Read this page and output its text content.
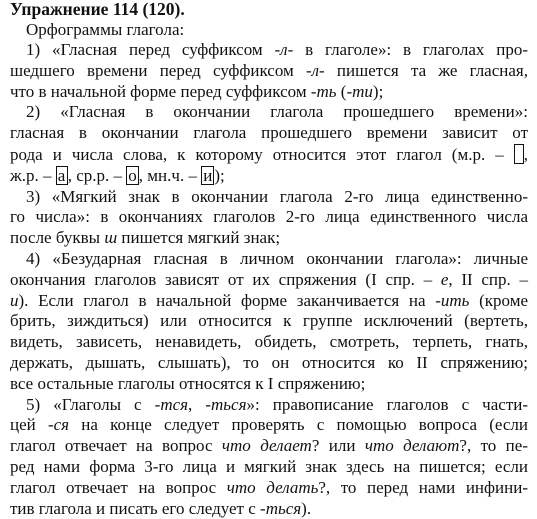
Упражнение 114 (120).
Орфограммы глагола:
1) «Гласная перед суффиксом -л- в глаголе»: в глаголах про-
шедшего времени перед суффиксом -л- пишется та же гласная,
что в начальной форме перед суффиксом -ть (-ти);
2) «Гласная в окончании глагола прошедшего времени»:
гласная в окончании глагола прошедшего времени зависит от
рода и числа слова, к которому относится этот глагол (м.р. – ,
ж.р. – а , ср.р. – о , мн.ч. – и );
3) «Мягкий знак в окончании глагола 2-го лица единственно-
го числа»: в окончаниях глаголов 2-го лица единственного числа
после буквы ш пишется мягкий знак;
4) «Безударная гласная в личном окончании глагола»: личные
окончания глаголов зависят от их спряжения (I спр. – е, II спр. –
и). Если глагол в начальной форме заканчивается на -ить (кроме
брить, зиждиться) или относится к группе исключений (вертеть,
видеть, зависеть, ненавидеть, обидеть, смотреть, терпеть, гнать,
держать, дышать, слышать), то он относится ко II спряжению;
все остальные глаголы относятся к I спряжению;
5) «Глаголы с -тся, -ться»: правописание глаголов с части-
цей -ся на конце следует проверять с помощью вопроса (если
глагол отвечает на вопрос что делает? или что делают?, то пе-
ред нами форма 3-го лица и мягкий знак здесь на пишется; если
глагол отвечает на вопрос что делать?, то перед нами инфини-
тив глагола и писать его следует с -ться).
